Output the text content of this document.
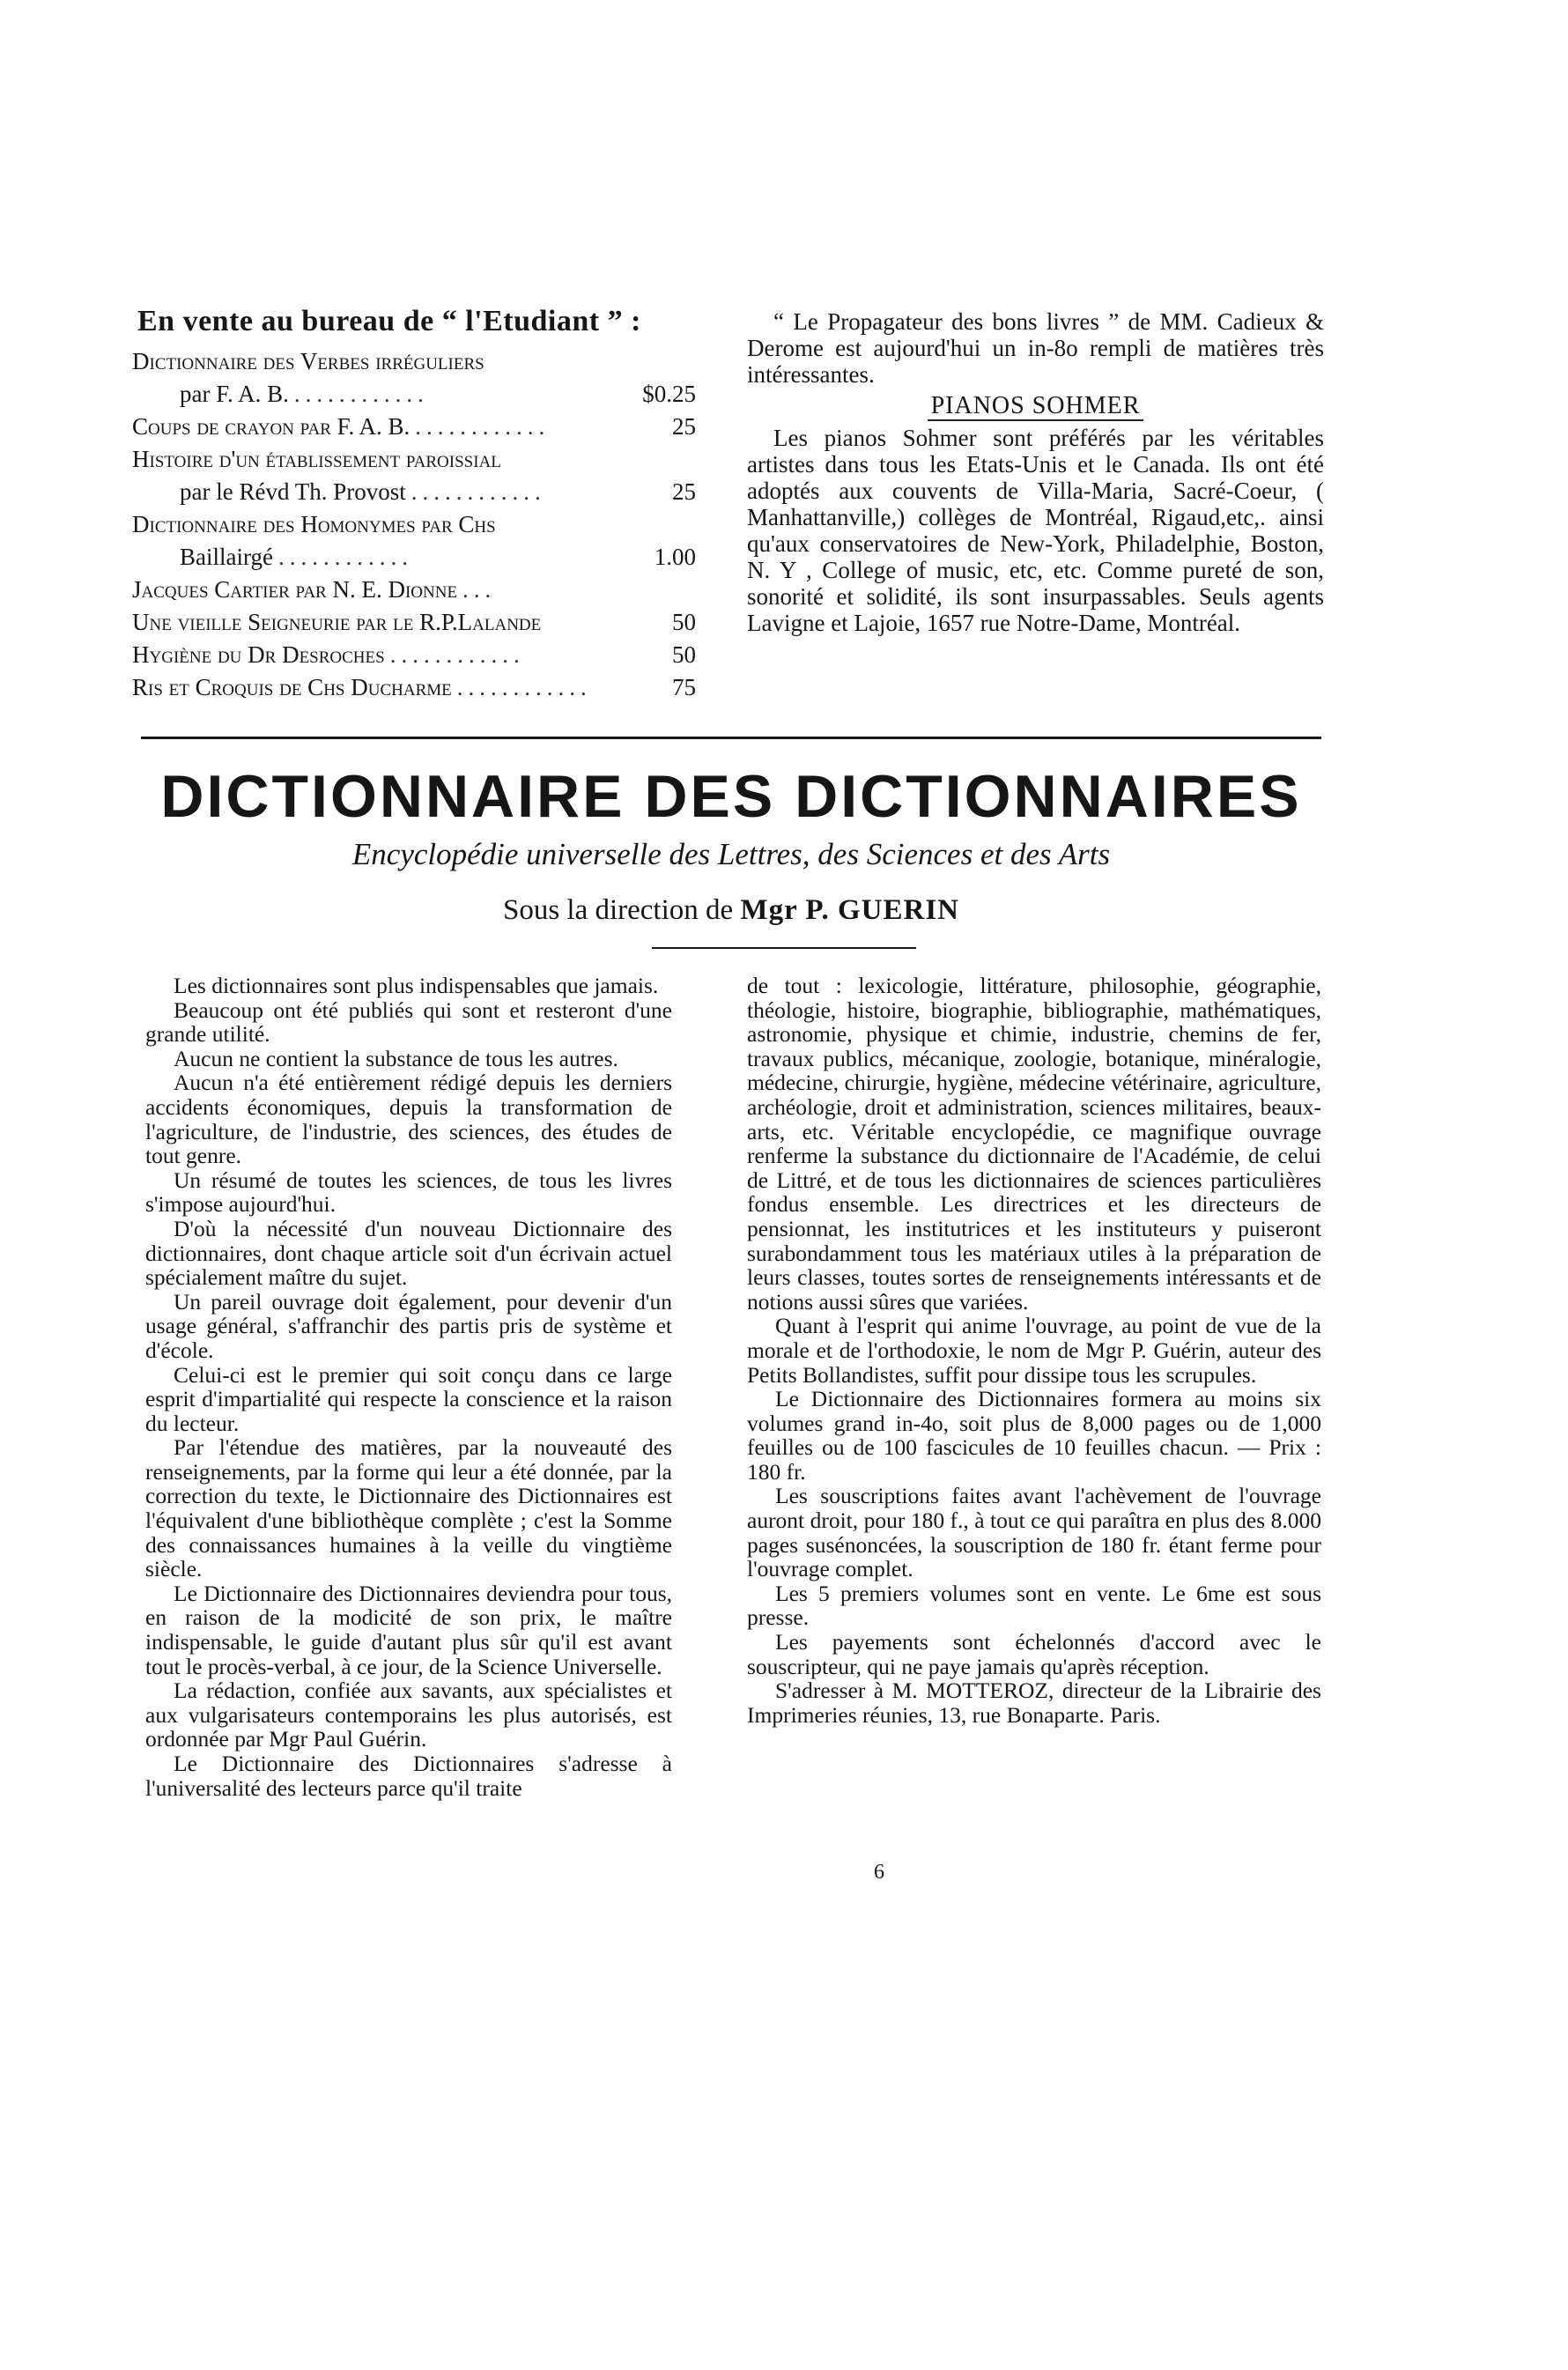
En vente au bureau de “ l'Etudiant ” :
Dictionnaire des Verbes irréguliers
par F. A. B. ............	$0.25
Coups de crayon par F. A. B. ............	25
Histoire d'un établissement paroissial
par le Révd Th. Provost ............	25
Dictionnaire des Homonymes par Chs
Baillairgé ............	1.00
Jacques Cartier par N. E. Dionne ...
Une vieille Seigneurie par le R.P.Lalande	50
Hygiène du Dr Desroches ............	50
Ris et Croquis de Chs Ducharme ............	75

“ Le Propagateur des bons livres ” de MM. Cadieux & Derome est aujourd'hui un in-8o rempli de matières très intéressantes.

PIANOS SOHMER

Les pianos Sohmer sont préférés par les véritables artistes dans tous les Etats-Unis et le Canada. Ils ont été adoptés aux couvents de Villa-Maria, Sacré-Coeur, ( Manhattanville,) collèges de Montréal, Rigaud,etc,. ainsi qu'aux conservatoires de New-York, Philadelphie, Boston, N. Y , College of music, etc, etc. Comme pureté de son, sonorité et solidité, ils sont insurpassables. Seuls agents Lavigne et Lajoie, 1657 rue Notre-Dame, Montréal.

DICTIONNAIRE DES DICTIONNAIRES
Encyclopédie universelle des Lettres, des Sciences et des Arts
Sous la direction de Mgr P. GUERIN

Les dictionnaires sont plus indispensables que jamais.

Beaucoup ont été publiés qui sont et resteront d'une grande utilité.

Aucun ne contient la substance de tous les autres.

Aucun n'a été entièrement rédigé depuis les derniers accidents économiques, depuis la transformation de l'agriculture, de l'industrie, des sciences, des études de tout genre.

Un résumé de toutes les sciences, de tous les livres s'impose aujourd'hui.

D'où la nécessité d'un nouveau Dictionnaire des dictionnaires, dont chaque article soit d'un écrivain actuel spécialement maître du sujet.

Un pareil ouvrage doit également, pour devenir d'un usage général, s'affranchir des partis pris de système et d'école.

Celui-ci est le premier qui soit conçu dans ce large esprit d'impartialité qui respecte la conscience et la raison du lecteur.

Par l'étendue des matières, par la nouveauté des renseignements, par la forme qui leur a été donnée, par la correction du texte, le Dictionnaire des Dictionnaires est l'équivalent d'une bibliothèque complète ; c'est la Somme des connaissances humaines à la veille du vingtième siècle.

Le Dictionnaire des Dictionnaires deviendra pour tous, en raison de la modicité de son prix, le maître indispensable, le guide d'autant plus sûr qu'il est avant tout le procès-verbal, à ce jour, de la Science Universelle.

La rédaction, confiée aux savants, aux spécialistes et aux vulgarisateurs contemporains les plus autorisés, est ordonnée par Mgr Paul Guérin.

Le Dictionnaire des Dictionnaires s'adresse à l'universalité des lecteurs parce qu'il traite

de tout : lexicologie, littérature, philosophie, géographie, théologie, histoire, biographie, bibliographie, mathématiques, astronomie, physique et chimie, industrie, chemins de fer, travaux publics, mécanique, zoologie, botanique, minéralogie, médecine, chirurgie, hygiène, médecine vétérinaire, agriculture, archéologie, droit et administration, sciences militaires, beaux-arts, etc. Véritable encyclopédie, ce magnifique ouvrage renferme la substance du dictionnaire de l'Académie, de celui de Littré, et de tous les dictionnaires de sciences particulières fondus ensemble. Les directrices et les directeurs de pensionnat, les institutrices et les instituteurs y puiseront surabondamment tous les matériaux utiles à la préparation de leurs classes, toutes sortes de renseignements intéressants et de notions aussi sûres que variées.

Quant à l'esprit qui anime l'ouvrage, au point de vue de la morale et de l'orthodoxie, le nom de Mgr P. Guérin, auteur des Petits Bollandistes, suffit pour dissipe tous les scrupules.

Le Dictionnaire des Dictionnaires formera au moins six volumes grand in-4o, soit plus de 8,000 pages ou de 1,000 feuilles ou de 100 fascicules de 10 feuilles chacun. — Prix : 180 fr.

Les souscriptions faites avant l'achèvement de l'ouvrage auront droit, pour 180 f., à tout ce qui paraîtra en plus des 8.000 pages susénoncées, la souscription de 180 fr. étant ferme pour l'ouvrage complet.

Les 5 premiers volumes sont en vente. Le 6me est sous presse.

Les payements sont échelonnés d'accord avec le souscripteur, qui ne paye jamais qu'après réception.

S'adresser à M. MOTTEROZ, directeur de la Librairie des Imprimeries réunies, 13, rue Bonaparte. Paris.

6
